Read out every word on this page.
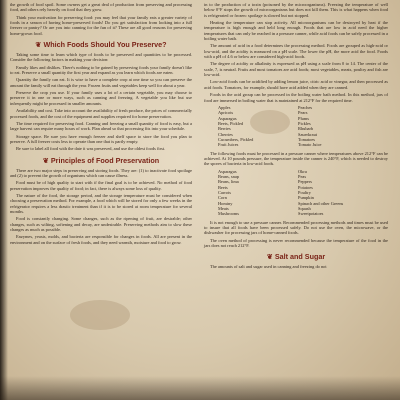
the growth of food spoil. Some owners get a great deal of production from preserving and processing food, and others rely heavily on food that they grow.

Think your motivation for preserving food: you may feel that your family eats a greater variety of foods in a season of having home-preserved foods! Do you get satisfaction from looking into a full freezer or pantry? Or are you into canning for the fun of it? These are all good reasons for preserving home-grown food.

❦ Which Foods Should You Preserve?

Taking some time to learn which type of foods to be preserved and quantities to be processed. Consider the following factors in making your decision:

Family likes and dislikes. There's nothing to be gained by preserving foods your family doesn't like to eat. Preserve a small quantity the first year and expand as you learn which foods are eaten.

Quantity the family can eat. It is wise to have a complete crop at one time so you can preserve the amount the family will eat through the year. Frozen fruits and vegetables keep well for about a year.

Preserve the crop you use. If your family uses a lot of a certain vegetable, you may choose to preserve it in one or more ways, such as canning and freezing. A vegetable you like but use infrequently might be processed in smaller amounts.

Availability and cost. Take into account the availability of fresh produce, the prices of commercially processed foods, and the cost of the equipment and supplies required for home preservation.

The time required for preserving food. Canning and freezing a small quantity of food is easy, but a large harvest can require many hours of work. Plan ahead so that processing fits into your schedule.

Storage space. Be sure you have enough freezer and shelf space to store the food you plan to preserve. A full freezer costs less to operate than one that is partly empty.

Be sure to label all food with the date it was preserved, and use the oldest foods first.

❦ Principles of Food Preservation

There are two major steps in preserving and storing foods. They are: (1) to inactivate food spoilage and (2) to prevent the growth of organisms which can cause illness.

Food must be of high quality to start with if the final goal is to be achieved. No method of food preservation improves the quality of food; in fact, there is always some loss of quality.

The nature of the food, the storage period, and the storage temperature must be considered when choosing a preservation method. For example, a food which will be stored for only a few weeks in the refrigerator requires a less drastic treatment than if it is to be stored at room temperature for several months.

Food is constantly changing. Some changes, such as the ripening of fruit, are desirable; other changes, such as wilting, softening and decay, are undesirable. Preserving methods aim to slow these changes as much as possible.

Enzymes, yeasts, molds, and bacteria are responsible for changes in foods. All are present in the environment and on the surface of fresh foods, and they need warmth, moisture and food to grow.

in to the production of a toxin (poisoned by the microorganisms). Freezing the temperature of well below 0°F stops the growth of microorganisms but does not kill them. This is what happens when food is refrigerated or frozen: spoilage is slowed but not stopped.

Heating the temperature can stop activity. All microorganisms can be destroyed by heat if the temperature is high enough and held long enough. Foods that are low in acid need the higher temperatures that can only be reached in a pressure canner, while acid foods can be safely processed in a boiling water bath.

The amount of acid in a food determines the processing method. Foods are grouped as high-acid or low-acid, and the acidity is measured on a pH scale. The lower the pH, the more acid the food. Foods with a pH of 4.6 or below are considered high-acid foods.

The degree of acidity or alkalinity is expressed as pH using a scale from 0 to 14. The center of the scale, 7, is neutral. Fruits and most tomatoes are acid foods; most vegetables, meats, poultry and fish are low-acid.

Low-acid foods can be acidified by adding lemon juice, citric acid or vinegar, and then processed as acid foods. Tomatoes, for example, should have acid added when they are canned.

Foods in the acid group can be processed in the boiling water bath method. In this method, jars of food are immersed in boiling water that is maintained at 212°F for the required time.

Apples
Apricots
Asparagus
Beets, Pickled
Berries
Cherries
Cucumbers, Pickled
Fruit Juices
Peaches
Pears
Plums
Pickles
Rhubarb
Sauerkraut
Tomatoes
Tomato Juice

The following foods must be processed in a pressure canner where temperatures above 212°F can be achieved. At 10 pounds pressure, the temperature inside the canner is 240°F, which is needed to destroy the spores of bacteria in low-acid foods.

Asparagus
Beans, snap
Beans, lima
Beets
Carrots
Corn
Hominy
Meats
Mushrooms
Okra
Peas
Peppers
Potatoes
Poultry
Pumpkin
Spinach and other Greens
Squash
Sweetpotatoes

It is not enough to use a pressure canner. Recommended processing methods and times must be used to insure that all foods have been processed safely. Do not use the oven, the microwave, or the dishwasher for processing jars of home-canned foods.

The oven method of processing is never recommended because the temperature of the food in the jars does not reach 212°F.

❦ Salt and Sugar

The amounts of salt and sugar used in canning and freezing do not
